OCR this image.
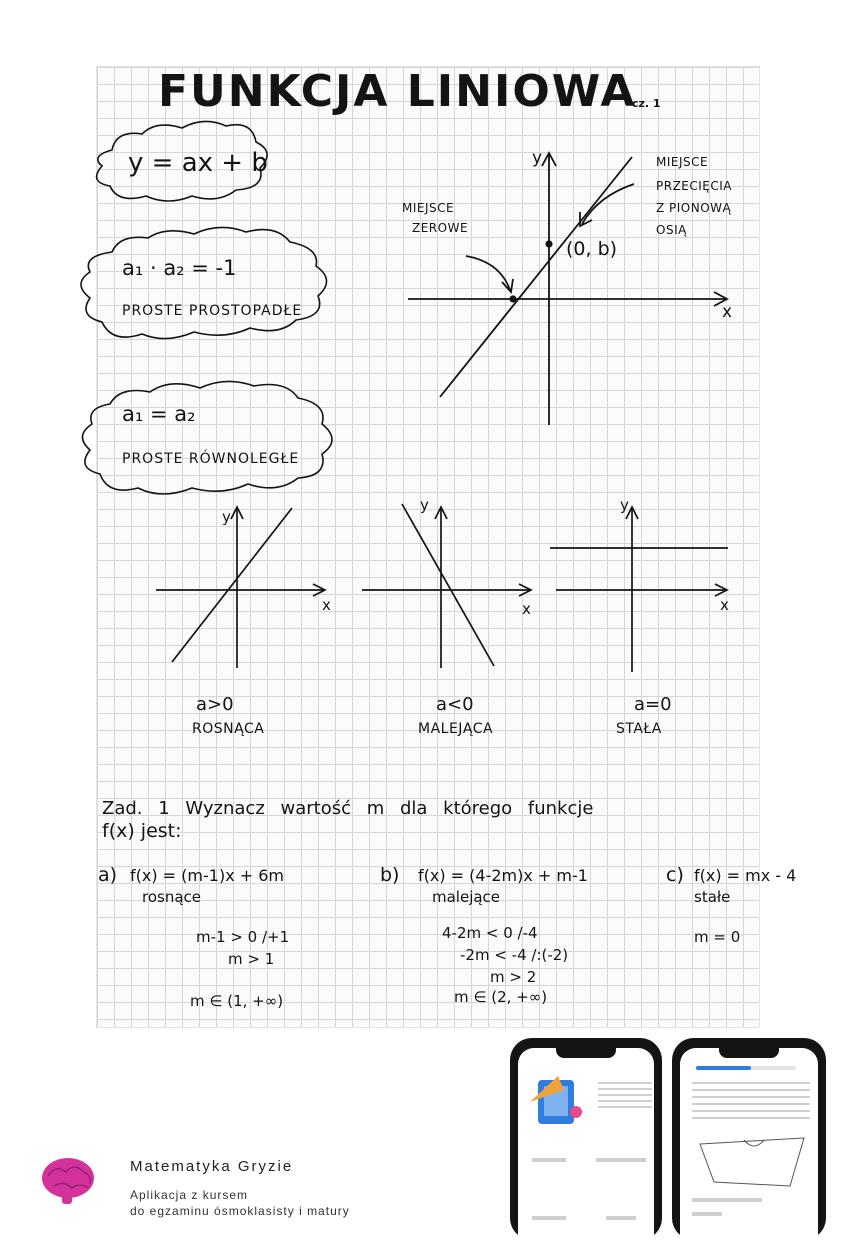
FUNKCJA LINIOWA
cz. 1
y = ax + b
a₁ · a₂ = -1
PROSTE PROSTOPADŁE
a₁ = a₂
PROSTE RÓWNOLEGŁE
y
x
MIEJSCE
ZEROWE
MIEJSCE
PRZECIĘCIA
Z PIONOWĄ
OSIĄ
(0, b)
y
x
y
x
y
x
a>0
ROSNĄCA
a<0
MALEJĄCA
a=0
STAŁA
Zad. 1 Wyznacz wartość m dla którego funkcje
f(x) jest:
a) f(x) = (m-1)x + 6m
rosnące
m-1 > 0 /+1
m > 1
m ∈ (1, +∞)
b) f(x) = (4-2m)x + m-1
malejące
4-2m < 0 /-4
-2m < -4 /:(-2)
m > 2
m ∈ (2, +∞)
c) f(x) = mx - 4
stałe
m = 0
Matematyka Gryzie
Aplikacja z kursem
do egzaminu ósmoklasisty i matury
